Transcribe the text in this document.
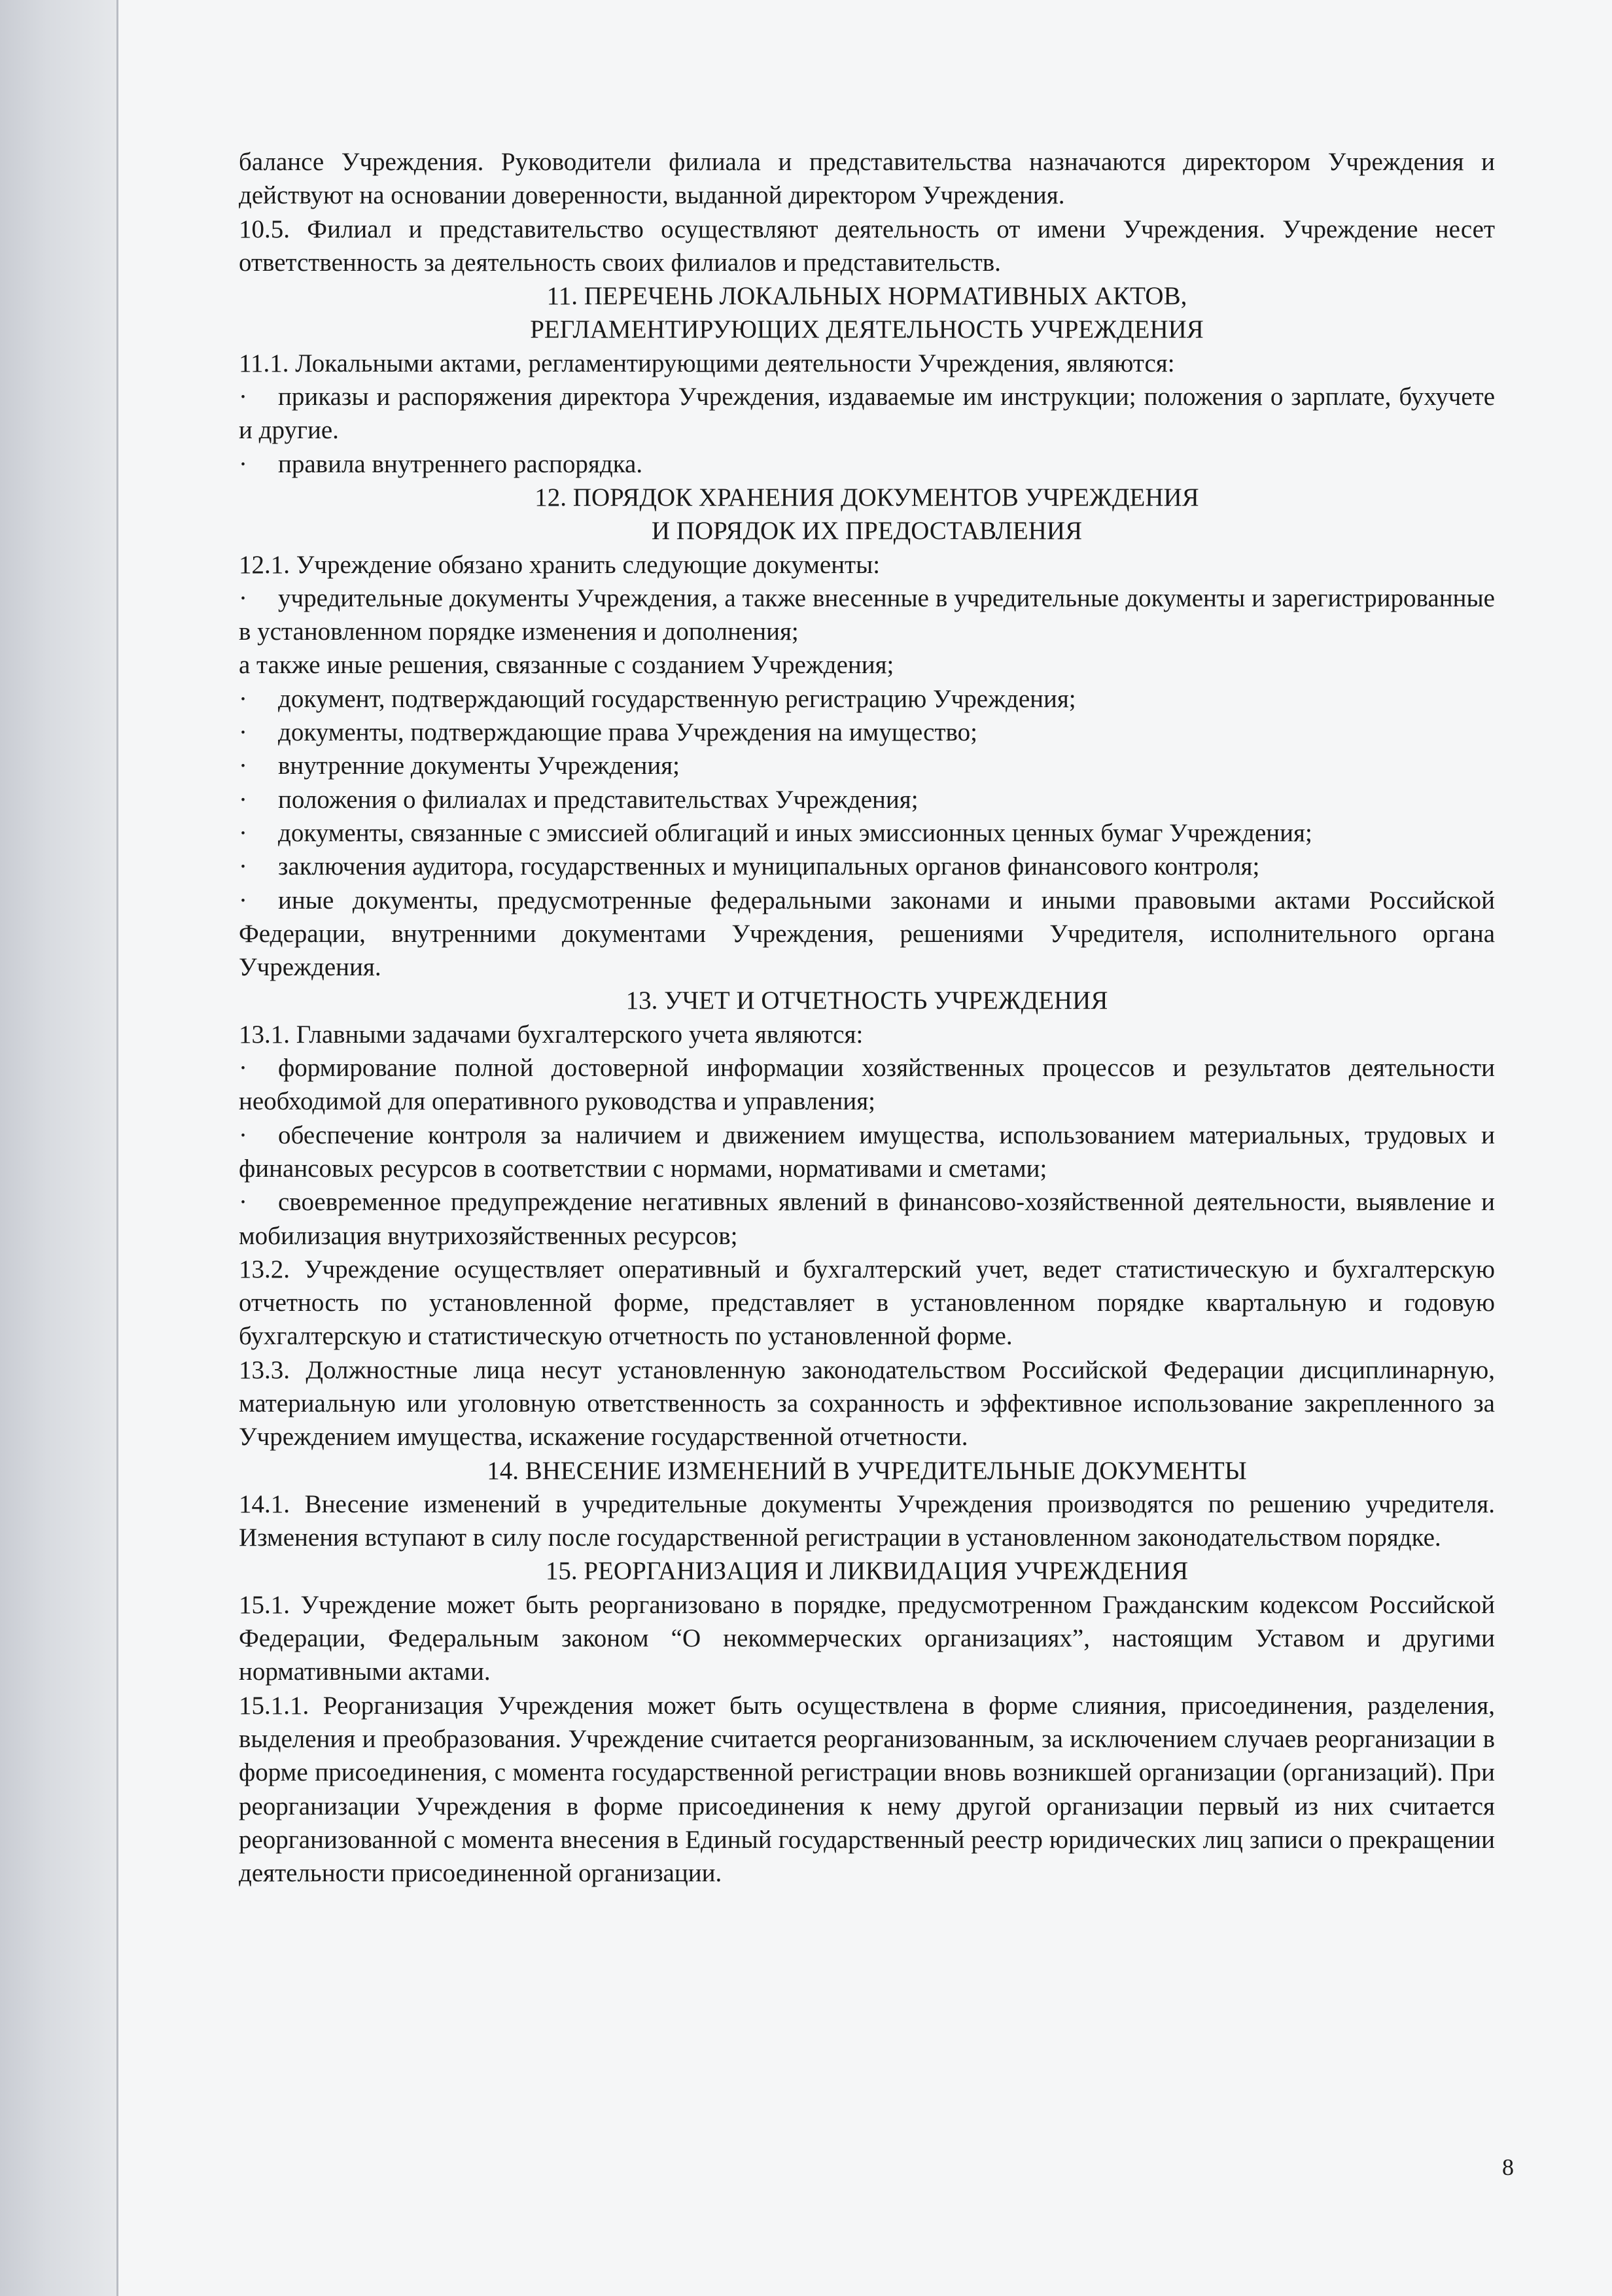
балансе Учреждения. Руководители филиала и представительства назначаются директором Учреждения и действуют на основании доверенности, выданной директором Учреждения.

10.5. Филиал и представительство осуществляют деятельность от имени Учреждения. Учреждение несет ответственность за деятельность своих филиалов и представительств.

11. ПЕРЕЧЕНЬ ЛОКАЛЬНЫХ НОРМАТИВНЫХ АКТОВ,

РЕГЛАМЕНТИРУЮЩИХ ДЕЯТЕЛЬНОСТЬ УЧРЕЖДЕНИЯ

11.1. Локальными актами, регламентирующими деятельности Учреждения, являются:

· приказы и распоряжения директора Учреждения, издаваемые им инструкции; положения о зарплате, бухучете и другие.

· правила внутреннего распорядка.

12. ПОРЯДОК ХРАНЕНИЯ ДОКУМЕНТОВ УЧРЕЖДЕНИЯ

И ПОРЯДОК ИХ ПРЕДОСТАВЛЕНИЯ

12.1. Учреждение обязано хранить следующие документы:

· учредительные документы Учреждения, а также внесенные в учредительные документы и зарегистрированные в установленном порядке изменения и дополнения;

а также иные решения, связанные с созданием Учреждения;

· документ, подтверждающий государственную регистрацию Учреждения;

· документы, подтверждающие права Учреждения на имущество;

· внутренние документы Учреждения;

· положения о филиалах и представительствах Учреждения;

· документы, связанные с эмиссией облигаций и иных эмиссионных ценных бумаг Учреждения;

· заключения аудитора, государственных и муниципальных органов финансового контроля;

· иные документы, предусмотренные федеральными законами и иными правовыми актами Российской Федерации, внутренними документами Учреждения, решениями Учредителя, исполнительного органа Учреждения.

13. УЧЕТ И ОТЧЕТНОСТЬ УЧРЕЖДЕНИЯ

13.1. Главными задачами бухгалтерского учета являются:

· формирование полной достоверной информации хозяйственных процессов и результатов деятельности необходимой для оперативного руководства и управления;

· обеспечение контроля за наличием и движением имущества, использованием материальных, трудовых и финансовых ресурсов в соответствии с нормами, нормативами и сметами;

· своевременное предупреждение негативных явлений в финансово-хозяйственной деятельности, выявление и мобилизация внутрихозяйственных ресурсов;

13.2. Учреждение осуществляет оперативный и бухгалтерский учет, ведет статистическую и бухгалтерскую отчетность по установленной форме, представляет в установленном порядке квартальную и годовую бухгалтерскую и статистическую отчетность по установленной форме.

13.3. Должностные лица несут установленную законодательством Российской Федерации дисциплинарную, материальную или уголовную ответственность за сохранность и эффективное использование закрепленного за Учреждением имущества, искажение государственной отчетности.

14. ВНЕСЕНИЕ ИЗМЕНЕНИЙ В УЧРЕДИТЕЛЬНЫЕ ДОКУМЕНТЫ

14.1. Внесение изменений в учредительные документы Учреждения производятся по решению учредителя. Изменения вступают в силу после государственной регистрации в установленном законодательством порядке.

15. РЕОРГАНИЗАЦИЯ И ЛИКВИДАЦИЯ УЧРЕЖДЕНИЯ

15.1. Учреждение может быть реорганизовано в порядке, предусмотренном Гражданским кодексом Российской Федерации, Федеральным законом “О некоммерческих организациях”, настоящим Уставом и другими нормативными актами.

15.1.1. Реорганизация Учреждения может быть осуществлена в форме слияния, присоединения, разделения, выделения и преобразования. Учреждение считается реорганизованным, за исключением случаев реорганизации в форме присоединения, с момента государственной регистрации вновь возникшей организации (организаций). При реорганизации Учреждения в форме присоединения к нему другой организации первый из них считается реорганизованной с момента внесения в Единый государственный реестр юридических лиц записи о прекращении деятельности присоединенной организации.

8
